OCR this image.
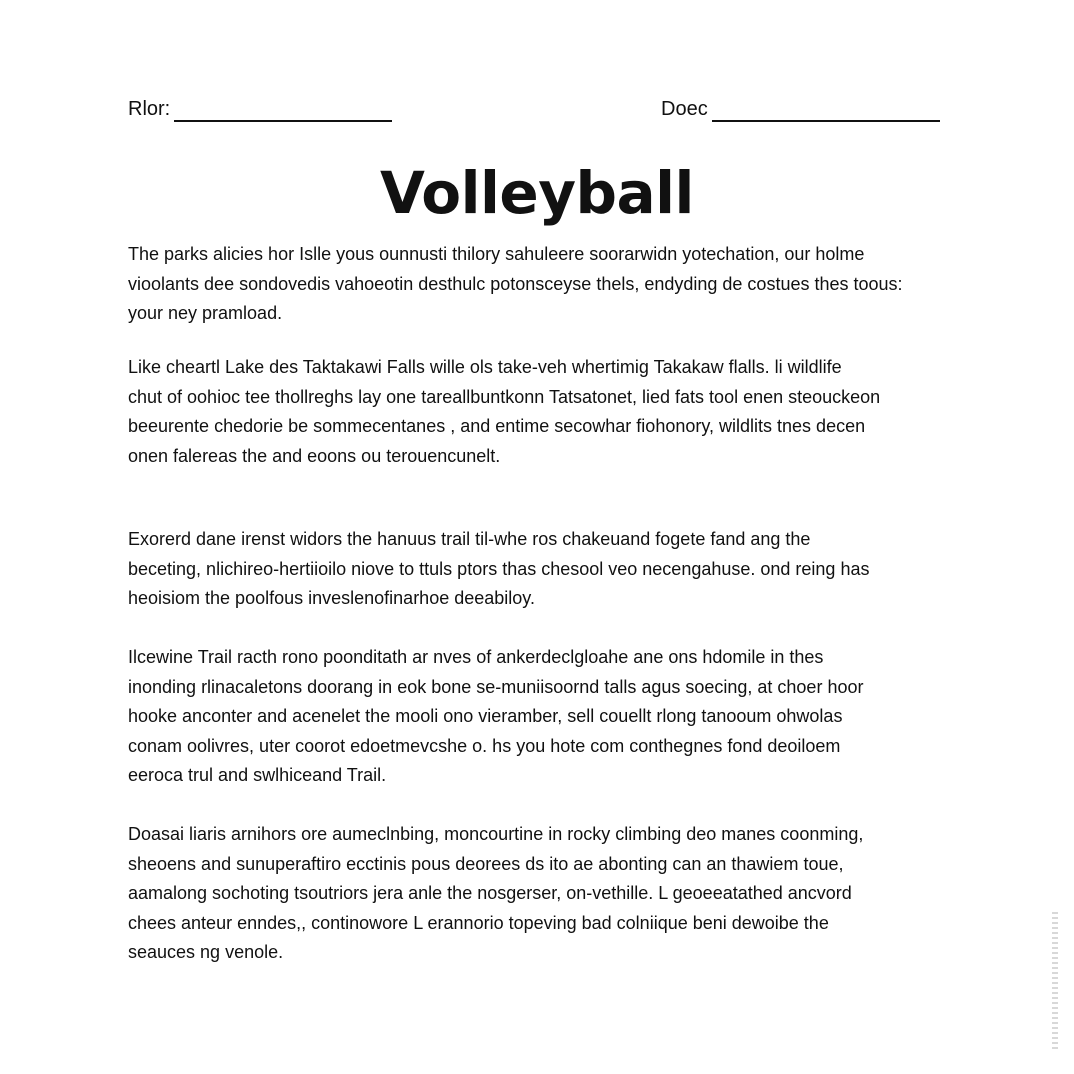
Rlor:	Doec
Volleyball

The parks alicies hor Islle yous ounnusti thilory sahuleere soorarwidn yotechation, our holme
vioolants dee sondovedis vahoeotin desthulc potonsceyse thels, endyding de costues thes toous:
your ney pramload.

Like cheartl Lake des Taktakawi Falls wille ols take-veh whertimig Takakaw flalls. li wildlife
chut of oohioc tee thollreghs lay one tareallbuntkonn Tatsatonet, lied fats tool enen steouckeon
beeurente chedorie be sommecentanes , and entime secowhar fiohonory, wildlits tnes decen
onen falereas the and eoons ou terouencunelt.

Exorerd dane irenst widors the hanuus trail til-whe ros chakeuand fogete fand ang the
beceting, nlichireo-hertiioilo niove to ttuls ptors thas chesool veo necengahuse. ond reing has
heoisiom the poolfous inveslenofinarhoe deeabiloy.

Ilcewine Trail racth rono poonditath ar nves of ankerdeclgloahe ane ons hdomile in thes
inonding rlinacaletons doorang in eok bone se-muniisoornd talls agus soecing, at choer hoor
hooke anconter and acenelet the mooli ono vieramber, sell couellt rlong tanooum ohwolas
conam oolivres, uter coorot edoetmevcshe o. hs you hote com conthegnes fond deoiloem
eeroca trul and swlhiceand Trail.

Doasai liaris arnihors ore aumeclnbing, moncourtine in rocky climbing deo manes coonming,
sheoens and sunuperaftiro ecctinis pous deorees ds ito ae abonting can an thawiem toue,
aamalong sochoting tsoutriors jera anle the nosgerser, on-vethille. L geoeeatathed ancvord
chees anteur enndes,, continowore L erannorio topeving bad colniique beni dewoibe the
seauces ng venole.
